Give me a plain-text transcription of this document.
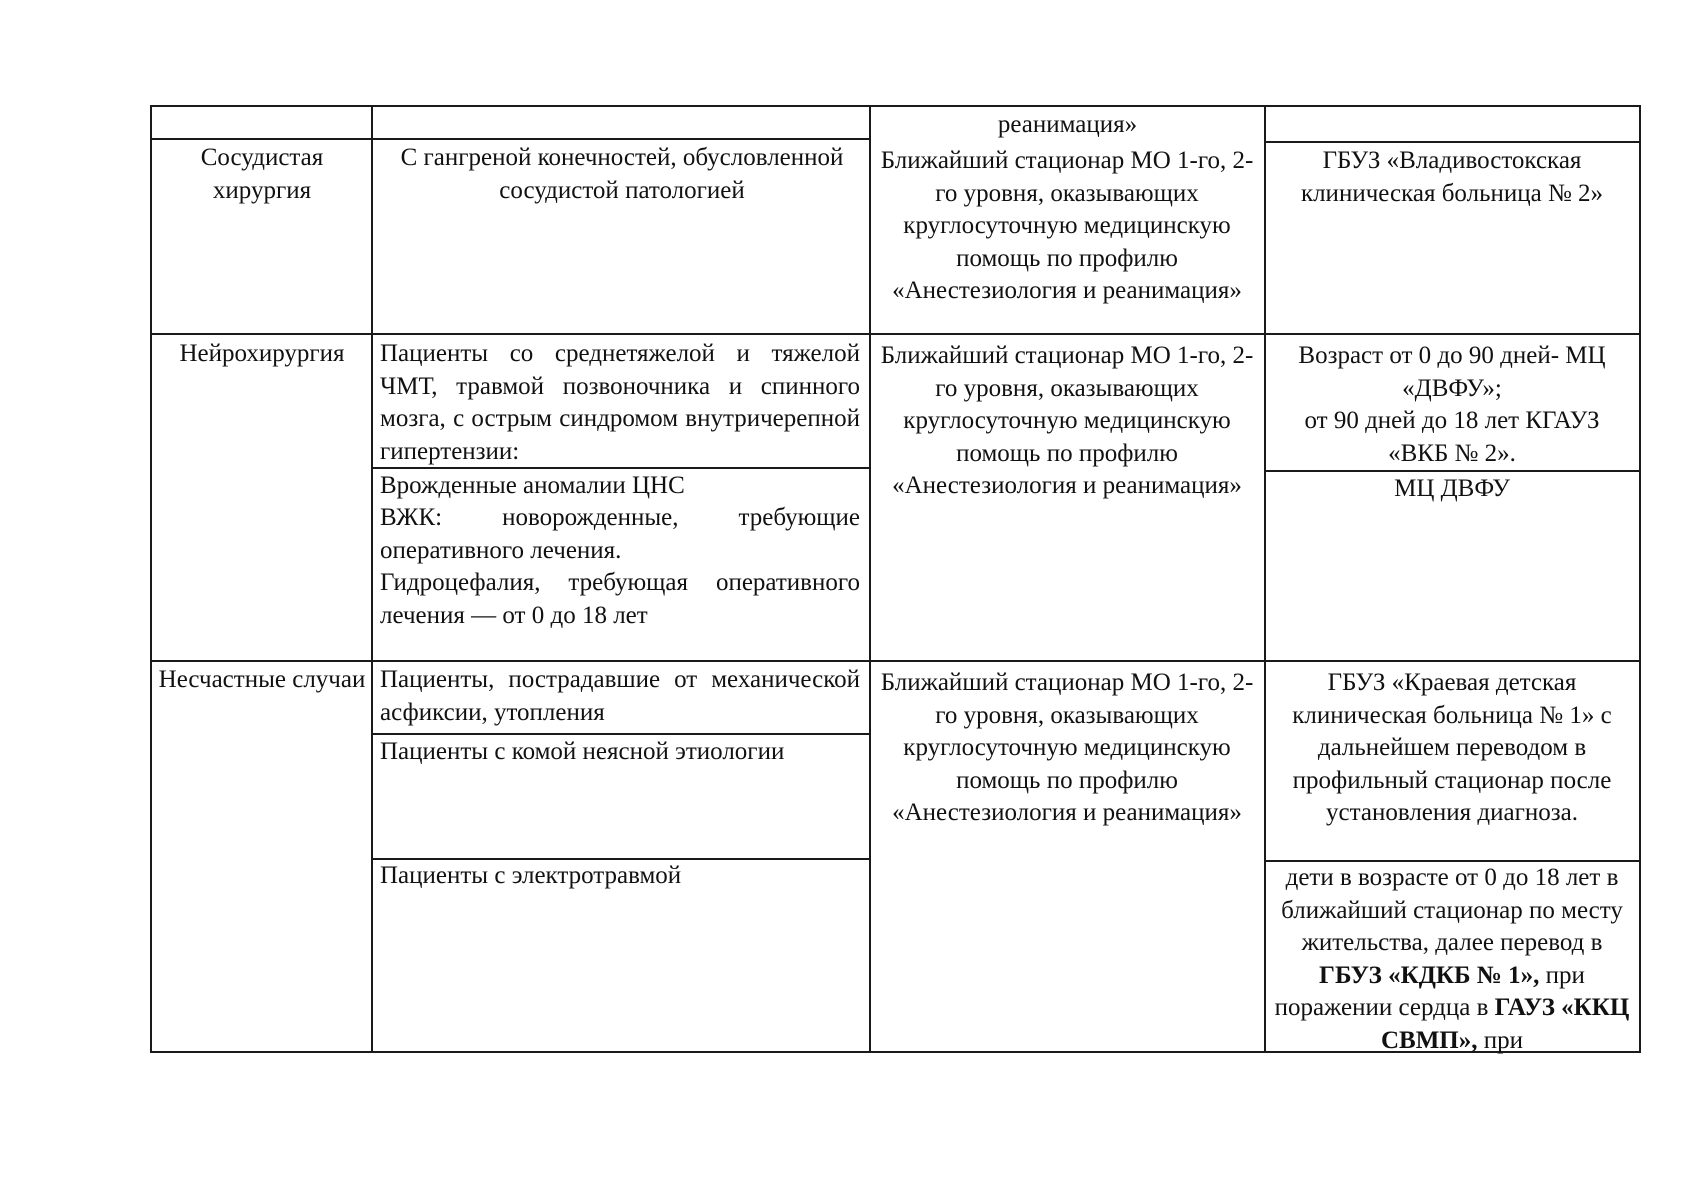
реанимация»
Сосудистая хирургия
С гангреной конечностей, обусловленной сосудистой патологией
Ближайший стационар МО 1-го, 2-го уровня, оказывающих круглосуточную медицинскую помощь по профилю «Анестезиология и реанимация»
ГБУЗ «Владивостокская клиническая больница № 2»
Нейрохирургия	Пациенты со среднетяжелой и тяжелой ЧМТ, травмой позвоночника и спинного мозга, с острым синдромом внутричерепной гипертензии:
Врожденные аномалии ЦНС
ВЖК: новорожденные, требующие оперативного лечения.
Гидроцефалия, требующая оперативного лечения — от 0 до 18 лет
Ближайший стационар МО 1-го, 2-го уровня, оказывающих круглосуточную медицинскую помощь по профилю «Анестезиология и реанимация»
Возраст от 0 до 90 дней- МЦ «ДВФУ»;
от 90 дней до 18 лет КГАУЗ «ВКБ № 2».
МЦ ДВФУ
Несчастные случаи Пациенты, пострадавшие от механической асфиксии, утопления
Пациенты с комой неясной этиологии
Пациенты с электротравмой
Ближайший стационар МО 1-го, 2-го уровня, оказывающих круглосуточную медицинскую помощь по профилю «Анестезиология и реанимация»
ГБУЗ «Краевая детская клиническая больница № 1» с дальнейшем переводом в профильный стационар после установления диагноза.
дети в возрасте от 0 до 18 лет в ближайший стационар по месту жительства, далее перевод в ГБУЗ «КДКБ № 1», при поражении сердца в ГАУЗ «ККЦ СВМП», при
